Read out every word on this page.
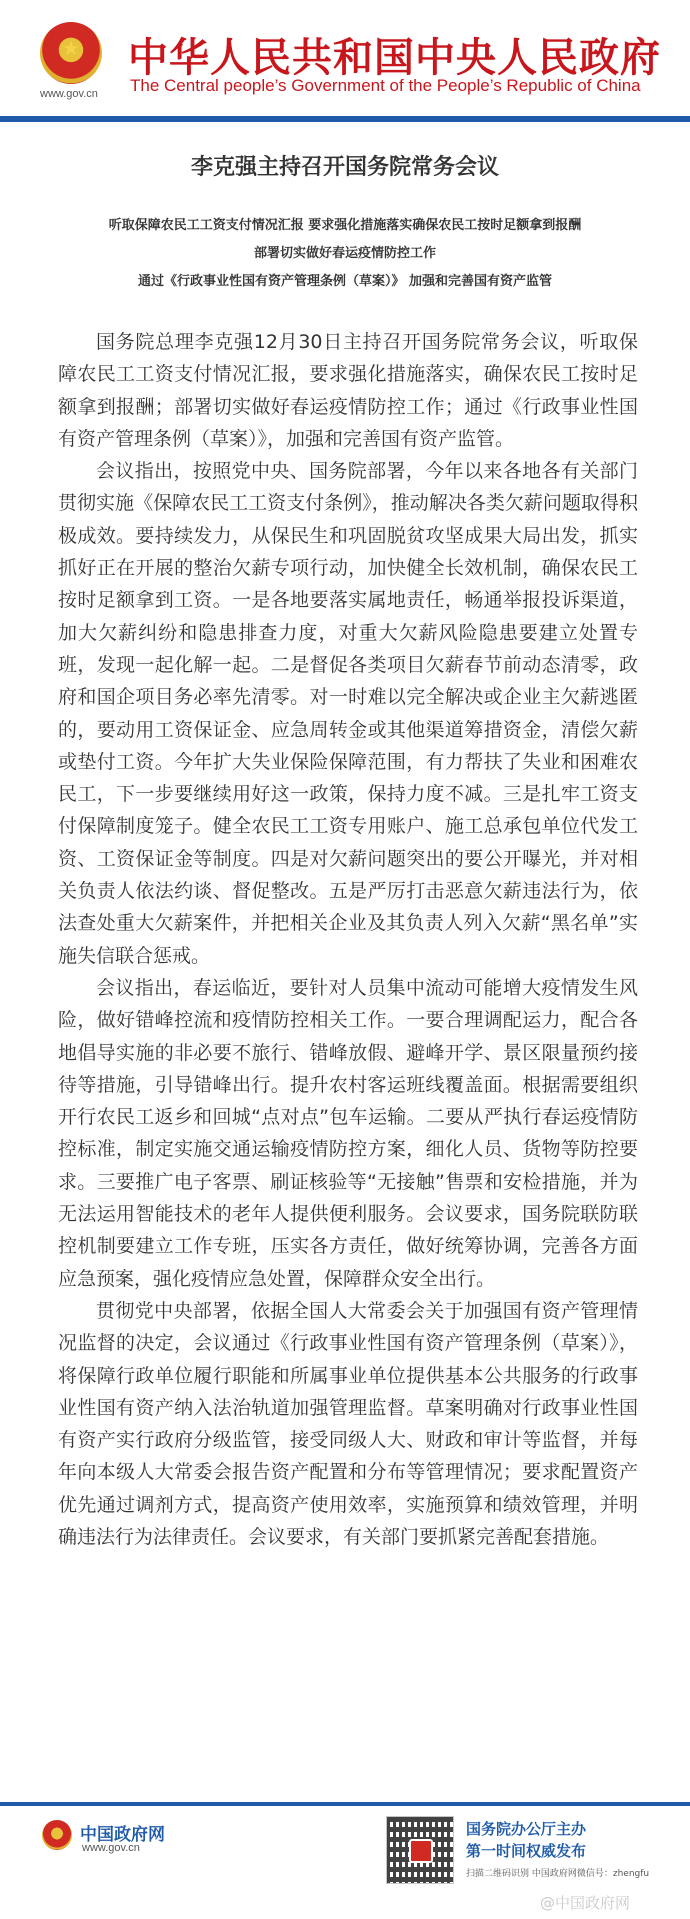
★
www.gov.cn
中华人民共和国中央人民政府
The Central people’s Government of the People’s Republic of China
李克强主持召开国务院常务会议
听取保障农民工工资支付情况汇报 要求强化措施落实确保农民工按时足额拿到报酬
部署切实做好春运疫情防控工作
通过《行政事业性国有资产管理条例（草案）》 加强和完善国有资产监管

国务院总理李克强12月30日主持召开国务院常务会议，听取保障农民工工资支付情况汇报，要求强化措施落实，确保农民工按时足额拿到报酬；部署切实做好春运疫情防控工作；通过《行政事业性国有资产管理条例（草案）》，加强和完善国有资产监管。

会议指出，按照党中央、国务院部署，今年以来各地各有关部门贯彻实施《保障农民工工资支付条例》，推动解决各类欠薪问题取得积极成效。要持续发力，从保民生和巩固脱贫攻坚成果大局出发，抓实抓好正在开展的整治欠薪专项行动，加快健全长效机制，确保农民工按时足额拿到工资。一是各地要落实属地责任，畅通举报投诉渠道，加大欠薪纠纷和隐患排查力度，对重大欠薪风险隐患要建立处置专班，发现一起化解一起。二是督促各类项目欠薪春节前动态清零，政府和国企项目务必率先清零。对一时难以完全解决或企业主欠薪逃匿的，要动用工资保证金、应急周转金或其他渠道筹措资金，清偿欠薪或垫付工资。今年扩大失业保险保障范围，有力帮扶了失业和困难农民工，下一步要继续用好这一政策，保持力度不减。三是扎牢工资支付保障制度笼子。健全农民工工资专用账户、施工总承包单位代发工资、工资保证金等制度。四是对欠薪问题突出的要公开曝光，并对相关负责人依法约谈、督促整改。五是严厉打击恶意欠薪违法行为，依法查处重大欠薪案件，并把相关企业及其负责人列入欠薪“黑名单”实施失信联合惩戒。

会议指出，春运临近，要针对人员集中流动可能增大疫情发生风险，做好错峰控流和疫情防控相关工作。一要合理调配运力，配合各地倡导实施的非必要不旅行、错峰放假、避峰开学、景区限量预约接待等措施，引导错峰出行。提升农村客运班线覆盖面。根据需要组织开行农民工返乡和回城“点对点”包车运输。二要从严执行春运疫情防控标准，制定实施交通运输疫情防控方案，细化人员、货物等防控要求。三要推广电子客票、刷证核验等“无接触”售票和安检措施，并为无法运用智能技术的老年人提供便利服务。会议要求，国务院联防联控机制要建立工作专班，压实各方责任，做好统筹协调，完善各方面应急预案，强化疫情应急处置，保障群众安全出行。

贯彻党中央部署，依据全国人大常委会关于加强国有资产管理情况监督的决定，会议通过《行政事业性国有资产管理条例（草案）》，将保障行政单位履行职能和所属事业单位提供基本公共服务的行政事业性国有资产纳入法治轨道加强管理监督。草案明确对行政事业性国有资产实行政府分级监管，接受同级人大、财政和审计等监督，并每年向本级人大常委会报告资产配置和分布等管理情况；要求配置资产优先通过调剂方式，提高资产使用效率，实施预算和绩效管理，并明确违法行为法律责任。会议要求，有关部门要抓紧完善配套措施。

中国政府网
www.gov.cn
国务院办公厅主办
第一时间权威发布
扫描二维码识别 中国政府网微信号：zhengfu
@中国政府网
